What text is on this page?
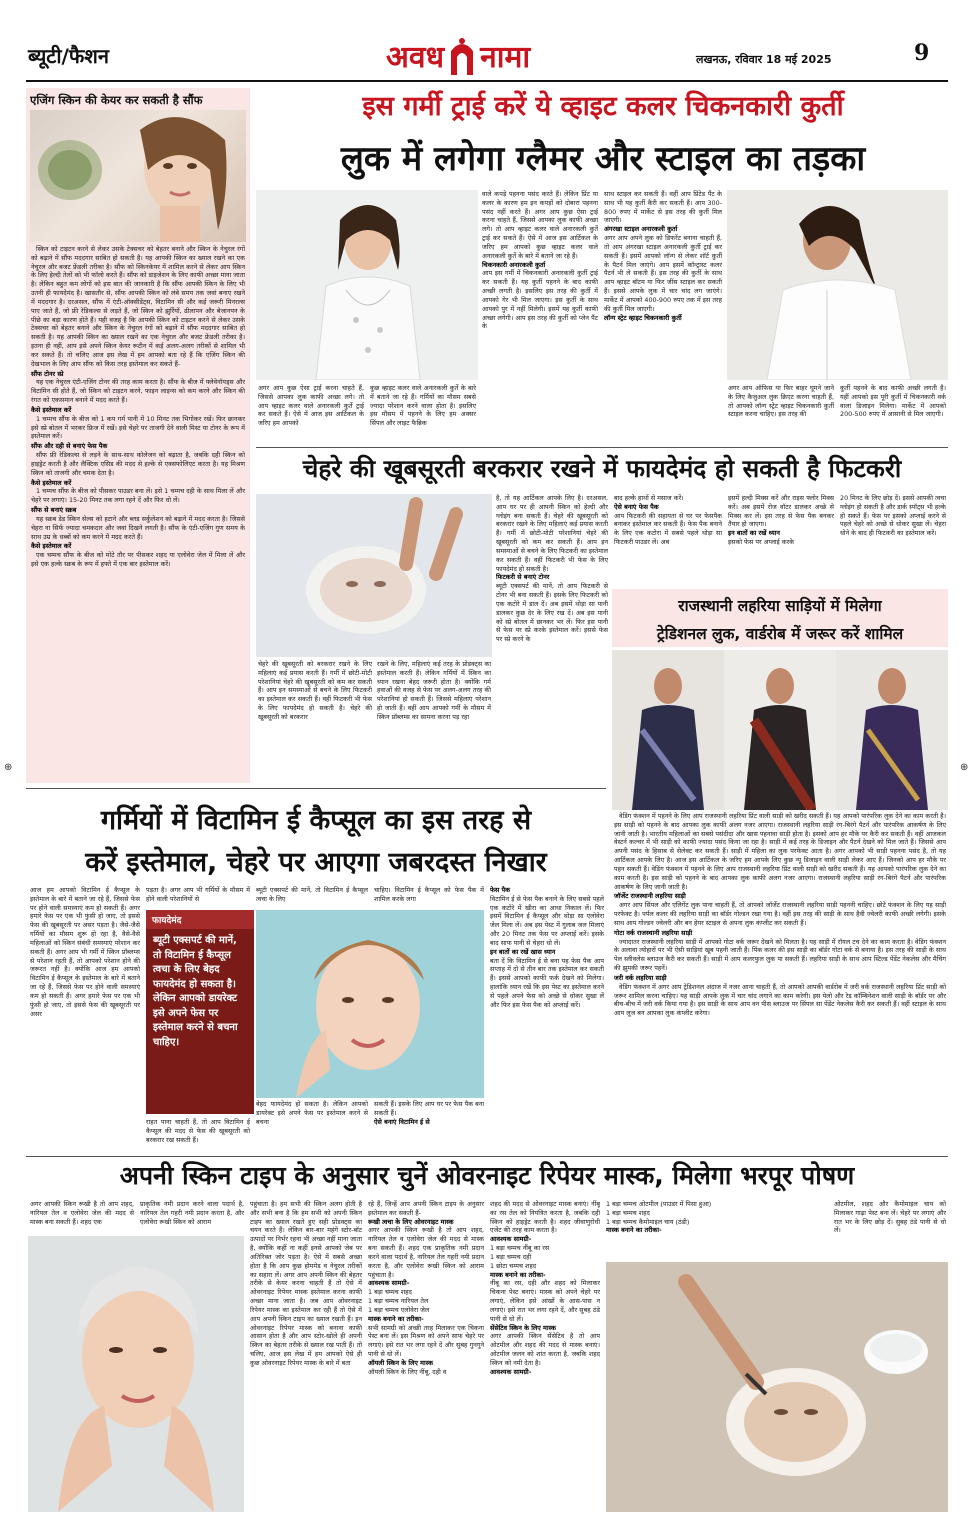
ब्यूटी/फैशन	अवध नामा	लखनऊ, रविवार 18 मई 2025	9
एजिंग स्किन की केयर कर सकती है सौंफ

स्किन को टाइटन करने से लेकर उसके टेक्सचर को बेहतर बनाने और स्किन के नेचुरल रंगों को बढ़ाने में सौंफ मददगार साबित हो सकती है। यह आपकी स्किन का ख्याल रखने का एक नेचुरल और बजट फ्रेंडली तरीका है। सौंफ को स्किनकेयर में शामिल करने से लेकर आप स्किन के लिए हेल्दी तेलों को भी फॉलो करते हैं। सौंफ को डाइजेशन के लिए काफी अच्छा माना जाता है। लेकिन बहुत कम लोगों को इस बात की जानकारी है कि सौंफ आपकी स्किन के लिए भी उतनी ही फायदेमंद है। खासतौर से, सौंफ आपकी स्किन को लंबे समय तक जवां बनाए रखने में मददगार है। दरअसल, सौंफ में एंटी-ऑक्सीडेंट्स, विटामिन सी और कई जरूरी मिनरल्स पाए जाते हैं, जो फ्री रेडिकल्स से लड़ते हैं, जो स्किन को झुर्रियों, ढीलापन और बेजानपन के पीछे का बड़ा कारण होते हैं। यही वजह है कि आपकी स्किन को टाइटन करने से लेकर उसके टेक्सचर को बेहतर बनाने और स्किन के नेचुरल रंगों को बढ़ाने में सौंफ मददगार साबित हो सकती है। यह आपकी स्किन का ख्याल रखने का एक नेचुरल और बजट फ्रेंडली तरीका है। इतना ही नहीं, आप इसे अपने स्किन केयर रूटीन में कई अलग-अलग तरीकों से शामिल भी कर सकते हैं। तो चलिए आज इस लेख में हम आपको बता रहे हैं कि एजिंग स्किन की देखभाल के लिए आप सौंफ को किस तरह इस्तेमाल कर सकते हैं-

सौंफ टोनर स्प्रे

यह एक नेचुरल एंटी-एजिंग टोनर की तरह काम करता है। सौंफ के बीज में फ्लेवेनॉयड्स और विटामिन सी होते हैं, जो स्किन को टाइटन करने, फाइन लाइन्स को कम करने और स्किन की रंगत को एकसमान बनाने में मदद करते हैं।

कैसे इस्तेमाल करें

1 चम्मच सौंफ के बीज को 1 कप गर्म पानी में 10 मिनट तक भिगोकर रखें। फिर छानकर इसे स्प्रे बोतल में भरकर फ्रिज में रखें। इसे चेहरे पर ताजगी देने वाली मिस्ट या टोनर के रूप में इस्तेमाल करें।

सौंफ और दही से बनाएं फेस पैक

सौंफ फ्री रेडिकल्स से लड़ने के साथ-साथ कोलेजन को बढ़ाता है, जबकि दही स्किन को हाइड्रेट करती है और लैक्टिक एसिड की मदद से हल्के से एक्सफोलिएट करता है। यह मिश्रण स्किन को ताजगी और चमक देता है।

कैसे इस्तेमाल करें

1 चम्मच सौंफ के बीज को पीसकर पाउडर बना लें। इसे 1 चम्मच दही के साथ मिला लें और चेहरे पर लगाएं। 15-20 मिनट तक लगा रहने दें और फिर धो लें।

सौंफ से बनाएं स्क्रब

यह स्क्रब डेड स्किन सेल्स को हटाने और ब्लड सर्कुलेशन को बढ़ाने में मदद करता है। जिससे चेहरा ना सिर्फ ज्यादा चमकदार और जवां दिखने लगती है। सौंफ के एंटी-एजिंग गुण समय के साथ उम्र के धब्बों को कम करने में मदद करते हैं।

कैसे इस्तेमाल करें

एक चम्मच सौंफ के बीज को मोटे तौर पर पीसकर शहद या एलोवेरा जेल में मिला लें और इसे एक हल्के स्क्रब के रूप में हफ्ते में एक बार इस्तेमाल करें।

इस गर्मी ट्राई करें ये व्हाइट कलर चिकनकारी कुर्ती
लुक में लगेगा ग्लैमर और स्टाइल का तड़का
अगर आप कुछ ऐसा ट्राई करना चाहते हैं, जिससे आपका लुक काफी अच्छा लगे। तो आप व्हाइट कलर वाले अनारकली कुर्ते ट्राई कर सकते हैं। ऐसे में आज इस आर्टिकल के जरिए हम आपको
कुछ व्हाइट कलर वाले अनारकली कुर्ते के बारे में बताने जा रहे हैं। गर्मियों का मौसम सबसे ज्यादा परेशान करने वाला होता है। इसलिए इस मौसम में पहनने के लिए हम अक्सर सिंपल और लाइट फैब्रिक
वाले कपड़े पहनना पसंद करते हैं। लेकिन प्रिंट या कलर के कारण हम इन कपड़ों को दोबारा पहनना पसंद नहीं करते हैं। अगर आप कुछ ऐसा ट्राई करना चाहते हैं, जिससे आपका लुक काफी अच्छा लगे। तो आप व्हाइट कलर वाले अनारकली कुर्ते ट्राई कर सकते हैं। ऐसे में आज इस आर्टिकल के जरिए हम आपको कुछ व्हाइट कलर वाले अनारकली कुर्ते के बारे में बताने जा रहे हैं।
चिकनकारी अनारकली कुर्ता
आप इस गर्मी में चिकनकारी अनारकली कुर्ती ट्राई कर सकती हैं। यह कुर्ती पहनने के बाद काफी अच्छी लगती है। इसलिए इस तरह की कुर्ती में आपको गेर भी मिल जाएगा। इस कुर्ती के साथ आपको पुर में नहीं मिलेगी। इसमें यह कुर्ती काफी अच्छा लगेगी। आप इस तरह की कुर्ती को प्लेन पैंट के
साथ स्टाइल कर सकती हैं। वहीं आप प्रिंटेड पैंट के साथ भी यह कुर्ती कैरी कर सकती हैं। आप 300-800 रुपए में मार्केट से इस तरह की कुर्ती मिल जाएगी।
अंगरखा स्टाइल अनारकली कुर्ता
अगर आप अपने लुक को डिफरेंट बनाना चाहती हैं, तो आप अंगरखा स्टाइल अनारकली कुर्ती ट्राई कर सकती हैं। इसमें आपको लॉन्ग से लेकर शॉर्ट कुर्ती के पैटर्न मिल जाएंगे। आप इसमें कॉन्ट्रास्ट कलर पैटर्न भी ले सकती हैं। इस तरह की कुर्ती के साथ आप व्हाइट बॉटम या फिर जींस स्टाइल कर सकती हैं। इससे आपके लुक में चार चांद लग जाएंगे। मार्केट में आपको 400-900 रुपए तक में इस तरह की कुर्ती मिल जाएगी।
लॉन्ग स्ट्रेट व्हाइट चिकनकारी कुर्ती
अगर आप ऑफिस या फिर बाहर घूमने जाने के लिए कैजुअल लुक क्रिएट करना चाहती हैं, तो आपको लॉन्ग स्ट्रेट व्हाइट चिकनकारी कुर्ती स्टाइल करना चाहिए। इस तरह की
कुर्ती पहनने के बाद काफी अच्छी लगती है। यहीं आपको इस पूरी कुर्ती में चिकनकारी वर्क वाला डिजाइन मिलेगा। मार्केट में आपको 200-500 रुपए में आसानी से मिल जाएगी।
चेहरे की खूबसूरती बरकरार रखने में फायदेमंद हो सकती है फिटकरी
चेहरे की खूबसूरती को बरकरार रखने के लिए महिलाएं कई प्रयास करती हैं। गर्मी में छोटी-मोटी परेशानियां चेहरे की खूबसूरती को कम कर सकती हैं। आप इन समस्याओं से बचने के लिए फिटकरी का इस्तेमाल कर सकती हैं। वहीं फिटकरी भी फेस के लिए फायदेमंद हो सकती है। चेहरे की खूबसूरती को बरकरार
रखने के लिए, महिलाएं कई तरह के प्रोडक्ट्स का इस्तेमाल करती हैं। लेकिन गर्मियों में स्किन का ध्यान रखना बेहद जरूरी होता है। क्योंकि गर्म हवाओं की वजह से फेस पर अलग-अलग तरह की परेशानियां हो सकती हैं। जिससे महिलाएं परेशान हो जाती हैं। वहीं आप आपको गर्मी के मौसम में स्किन प्रॉब्लम्स का सामना करना पड़ रहा
है, तो यह आर्टिकल आपके लिए है। दरअसल, आप घर पर ही आपनी स्किन को हेल्दी और ग्लोइंग बना सकती हैं। चेहरे की खूबसूरती को बरकरार रखने के लिए महिलाएं कई प्रयास करती हैं। गर्मी में छोटी-मोटी परेशानियां चेहरे की खूबसूरती को कम कर सकती हैं। आप इन समस्याओं से बचने के लिए फिटकरी का इस्तेमाल कर सकती हैं। वहीं फिटकरी भी फेस के लिए फायदेमंद हो सकती है।
फिटकरी से बनाएं टोनर
ब्यूटी एक्सपर्ट की मानें, तो आप फिटकरी से टोनर भी बना सकती हैं। इसके लिए फिटकरी को एक कटोरे में डाल दें। अब इसमें थोड़ा सा पानी डालकर कुछ देर के लिए रख दें। अब इस पानी को स्प्रे बोतल में छानकर भर लें। फिर इस पानी से फेस पर स्प्रे करके इस्तेमाल करें। इससे फेस पर स्प्रे करने के
बाद हल्के हाथों से मसाज करें।
ऐसे बनाएं फेस पैक
आप फिटकरी की सहायता से घर पर फेसपैक बनाकर इस्तेमाल कर सकती हैं। फेस पैक बनाने के लिए एक कटोरा में सबसे पहले थोड़ा सा फिटकरी पाउडर लें। अब
इसमें हल्दी मिक्स करें और राइस फ्लोर मिक्स करें। अब इसमें रोज वॉटर डालकर अच्छे से मिक्स कर लें। इस तरह से फेस पैक बनकर तैयार हो जाएगा।
इन बातों का रखें ध्यान
इसको फेस पर अप्लाई करके
20 मिनट के लिए छोड़ दें। इससे आपकी त्वचा ग्लोइंग हो सकती है और डार्क स्पॉट्स भी हल्के हो सकते हैं। फेस पर इसको अप्लाई करने से पहले चेहरे को अच्छे से धोकर सुखा लें। चेहरा धोने के बाद ही फिटकरी का इस्तेमाल करें।
राजस्थानी लहरिया साड़ियों में मिलेगा
ट्रेडिशनल लुक, वार्डरोब में जरूर करें शामिल

वेडिंग फंक्शन में पहनने के लिए आप राजस्थानी लहरिया प्रिंट वाली साड़ी को खरीद सकती हैं। यह आपको पारंपरिक लुक देने का काम करती है। इस साड़ी को पहनने के बाद आपका लुक काफी अलग नजर आएगा। राजस्थानी लहरिया साड़ी रंग-बिरंगे पैटर्न और पारंपरिक आकर्षण के लिए जानी जाती है। भारतीय महिलाओं का सबसे पसंदीदा और खास पहनावा साड़ी होता है। इसको आप हर मौके पर कैरी कर सकती हैं। वहीं आजकल वेस्टर्न कल्चर में भी साड़ी को काफी ज्यादा पसंद किया जा रहा है। साड़ी में कई तरह के डिजाइन और पैटर्न देखने को मिल जाते हैं। जिससे आप अपनी पसंद के हिसाब से सेलेक्ट कर सकती हैं। साड़ी में महिला का लुक परफेक्ट आता है। अगर आपको भी साड़ी पहनना पसंद है, तो यह आर्टिकल आपके लिए है। आज इस आर्टिकल के जरिए हम आपके लिए कुछ न्यू डिजाइन वाली साड़ी लेकर आए हैं। जिनको आप हर मौके पर पहन सकती हैं। वेडिंग फंक्शन में पहनने के लिए आप राजस्थानी लहरिया प्रिंट वाली साड़ी को खरीद सकती हैं। यह आपको पारंपरिक लुक देने का काम करती है। इस साड़ी को पहनने के बाद आपका लुक काफी अलग नजर आएगा। राजस्थानी लहरिया साड़ी रंग-बिरंगे पैटर्न और पारंपरिक आकर्षण के लिए जानी जाती है।

जॉर्जेट राजस्थानी लहरिया साड़ी

अगर आप सिंपल और एलिगेंट लुक पाना चाहती हैं, तो आपको जॉर्जेट राजस्थानी लहरिया साड़ी पहननी चाहिए। छोटे फंक्शन के लिए यह साड़ी परफेक्ट है। पर्पल कलर की लहरिया साड़ी का बॉर्डर गोल्डन रखा गया है। वहीं इस तरह की साड़ी के साथ हैवी ज्वेलरी काफी अच्छी लगेगी। इसके साथ आप गोल्डन ज्वेलरी और बन हेयर स्टाइल से अपना लुक कंप्लीट कर सकती हैं।

गोटा वर्क राजस्थानी लहरिया साड़ी

ज्यादातर राजस्थानी लहरिया साड़ी में आपको गोटा वर्क जरूर देखने को मिलता है। यह साड़ी में रॉयल टच देने का काम करता है। वेडिंग फंक्शन के अलावा त्योहारों पर भी ऐसी साड़ियां खूब पहनी जाती हैं। पिंक कलर की इस साड़ी का बॉर्डर गोटा वर्क से बनाया है। इस तरह की साड़ी के साथ पेल स्लीवलेस ब्लाउज कैरी कर सकती हैं। साड़ी में आप कलरफुल लुक पा सकती हैं। लहरिया साड़ी के साथ आप स्टिल्ड पेंडेंट नेकलेस और मैचिंग की झुमकी जरूर पहनें।

जरी वर्क लहरिया साड़ी

वेडिंग फंक्शन में अगर आप ट्रेडिशनल अंदाज में नजर आना चाहती हैं, तो आपको आपकी वार्डरोब में जरी वर्क राजस्थानी लहरिया प्रिंट साड़ी को जरूर शामिल करना चाहिए। यह साड़ी आपके लुक में चार चांद लगाने का काम करेगी। इस येलो और रेड कॉम्बिनेशन वाली साड़ी के बॉर्डर पर और बीच-बीच में जरी वर्क किया गया है। इस साड़ी के साथ आप वन पीस ब्लाउज पर सिंपल सा पेंडेंट नेकलेस कैरी कर सकती हैं। वहीं स्टाइल के साथ आप लूज बन आपका लुक कंप्लीट करेगा।

गर्मियों में विटामिन ई कैप्सूल का इस तरह से
करें इस्तेमाल, चेहरे पर आएगा जबरदस्त निखार
आज हम आपको विटामिन ई कैप्सूल के इस्तेमाल के बारे में बताने जा रहे हैं, जिससे फेस पर होने वाली समस्याएं कम हो सकती हैं। अगर हमारे फेस पर एक भी फुंसी हो जाए, तो इससे फेस की खूबसूरती पर असर पड़ता है। जैसे-जैसे गर्मियों का मौसम शुरू हो रहा है, वैसे-वैसे महिलाओं को स्किन संबंधी समस्याएं परेशान कर सकती हैं। अगर आप भी गर्मी में स्किन प्रॉब्लम्स से परेशान रहती हैं, तो आपको परेशान होने की जरूरत नहीं है। क्योंकि आज हम आपको विटामिन ई कैप्सूल के इस्तेमाल के बारे में बताने जा रहे हैं, जिससे फेस पर होने वाली समस्याएं कम हो सकती हैं। अगर हमारे फेस पर एक भी फुंसी हो जाए, तो इससे फेस की खूबसूरती पर असर
पड़ता है। अगर आप भी गर्मियों के मौसम में होने वाली परेशानियों से
ब्यूटी एक्सपर्ट की मानें, तो विटामिन ई कैप्सूल त्वचा के लिए
चाहिए। विटामिन ई कैप्सूल को फेस पैक में शामिल करके लगा
फायदेमंद
ब्यूटी एक्सपर्ट की मानें, तो विटामिन ई कैप्सूल त्वचा के लिए बेहद फायदेमंद हो सकता है। लेकिन आपको डायरेक्ट इसे अपने फेस पर इस्तेमाल करने से बचना चाहिए।
राहत पाना चाहती हैं, तो आप विटामिन ई कैप्सूल की मदद से फेस की खूबसूरती को बरकरार रख सकती हैं।
बेहद फायदेमंद हो सकता है। लेकिन आपको डायरेक्ट इसे अपने फेस पर इस्तेमाल करने से बचना
सकती हैं। इसके लिए आप घर पर फेस पैक बना सकती हैं।
ऐसे बनाएं विटामिन ई से
फेस पैक
विटामिन ई से फेस पैक बनाने के लिए सबसे पहले एक कटोरे में खीरा का आधा निकाल लें। फिर इसमें विटामिन ई कैप्सूल और थोड़ा सा एलोवेरा जेल मिला लें। अब इस पेस्ट में गुलाब जल मिलाएं और 20 मिनट तक फेस पर अप्लाई करें। इसके बाद साफ पानी से चेहरा धो लें।
इन बातों का रखें खास ध्यान
बता दें कि विटामिन ई से बना यह फेस पैक आप सप्ताह में दो से तीन बार तक इस्तेमाल कर सकती हैं। इससे आपको काफी फर्क देखने को मिलेगा। हालांकि ध्यान रखें कि इस पेस्ट का इस्तेमाल करने से पहले अपने फेस को अच्छे से धोकर सुखा लें और फिर इस फेस पैक को अप्लाई करें।
अपनी स्किन टाइप के अनुसार चुनें ओवरनाइट रिपेयर मास्क, मिलेगा भरपूर पोषण
अगर आपकी स्किन रूखी है तो आप शहद, नारियल तेल व एलोवेरा जेल की मदद से मास्क बना सकती हैं। शहद एक
प्राकृतिक नमी प्रदान करने वाला पदार्थ है, नारियल तेल गहरी नमी प्रदान करता है, और एलोवेरा रूखी स्किन को आराम
पहुंचाता है। हम सभी की स्किन अलग होती है और सभी बना है कि हम सभी को अपनी स्किन टाइप का ख्याल रखते हुए सही प्रोडक्ट्स का चयन करते हैं। लेकिन बार-बार महंगे स्टोर-बॉट उत्पादों पर निर्भर रहना भी अच्छा नहीं माना जाता है, क्योंकि कहीं ना कहीं इनसे आपको जेब पर अतिरिक्त जोर पड़ता है। ऐसे में सबसे अच्छा होता है कि आप कुछ होममेड व नेचुरल तरीकों का सहारा लें। अगर आप अपनी स्किन की बेहतर तरीके से केयर करना चाहती हैं तो ऐसे में ओवरनाइट रिपेयर मास्क इस्तेमाल करना काफी अच्छा माना जाता है। जब आप ओवरनाइट रिपेयर मास्क का इस्तेमाल कर रही हैं तो ऐसे में आप अपनी स्किन टाइप का ख्याल रखती हैं। इन ओवरनाइट रिपेयर मास्क को बनाना काफी आसान होता है और आप स्टोर-खोले ही अपनी स्किन का बेहतर तरीके से ख्याल रख पाती हैं। तो चलिए, आज इस लेख में हम आपको ऐसे ही कुछ ओवरनाइट रिपेयर मास्क के बारे में बता
रहे हैं, जिन्हें आप अपनी स्किन टाइप के अनुसार इस्तेमाल कर सकती हैं-
रूखी त्वचा के लिए ओवरनाइट मास्क
अगर आपकी स्किन रूखी है तो आप शहद, नारियल तेल व एलोवेरा जेल की मदद से मास्क बना सकती हैं। शहद एक प्राकृतिक नमी प्रदान करने वाला पदार्थ है, नारियल तेल गहरी नमी प्रदान करता है, और एलोवेरा रूखी स्किन को आराम पहुंचाता है।
आवश्यक सामग्री-
1 बड़ा चम्मच शहद
1 बड़ा चम्मच नारियल तेल
1 बड़ा चम्मच एलोवेरा जेल
मास्क बनाने का तरीका-
सभी सामग्री को अच्छी तरह मिलाकर एक चिकना पेस्ट बना लें। इस मिश्रण को अपने साफ चेहरे पर लगाएं। इसे रात भर लगा रहने दें और सुबह गुनगुने पानी से धो लें।
ऑयली स्किन के लिए मास्क
ऑयली स्किन के लिए नींबू, दही व
शहद की मदद से ओवरनाइट मास्क बनाएं। नींबू का रस तेल को नियंत्रित करता है, जबकि दही स्किन को हाइड्रेट करती है। शहद जीवाणुरोधी एजेंट की तरह काम करता है।
आवश्यक सामग्री-
1 बड़ा चम्मच नींबू का रस
1 बड़ा चम्मच दही
1 छोटा चम्मच शहद
मास्क बनाने का तरीका-
नींबू का रस, दही और शहद को मिलाकर चिकना पेस्ट बनाएं। मास्क को अपने चेहरे पर लगाएं, लेकिन इसे आंखों के आस-पास न लगाएं। इसे रात भर लगा रहने दें, और सुबह ठंडे पानी से धो लें।
सेंसेटिव स्किन के लिए मास्क
अगर आपकी स्किन सेंसेटिव है तो आप ओटमील और शहद की मदद से मास्क बनाएं। ओटमील जलन को शांत करता है, जबकि शहद स्किन को नमी देता है।
आवश्यक सामग्री-
1 बड़ा चम्मच ओटमील (पाउडर में पिसा हुआ)
1 बड़ा चम्मच शहद
1 बड़ा चम्मच कैमोमाइल चाय (ठंडी)
मास्क बनाने का तरीका-
ओटमील, शहद और कैमोमाइल चाय को मिलाकर गाढ़ा पेस्ट बना लें। चेहरे पर लगाएं और रात भर के लिए छोड़ दें। सुबह ठंडे पानी से धो लें।
⊕	⊕
